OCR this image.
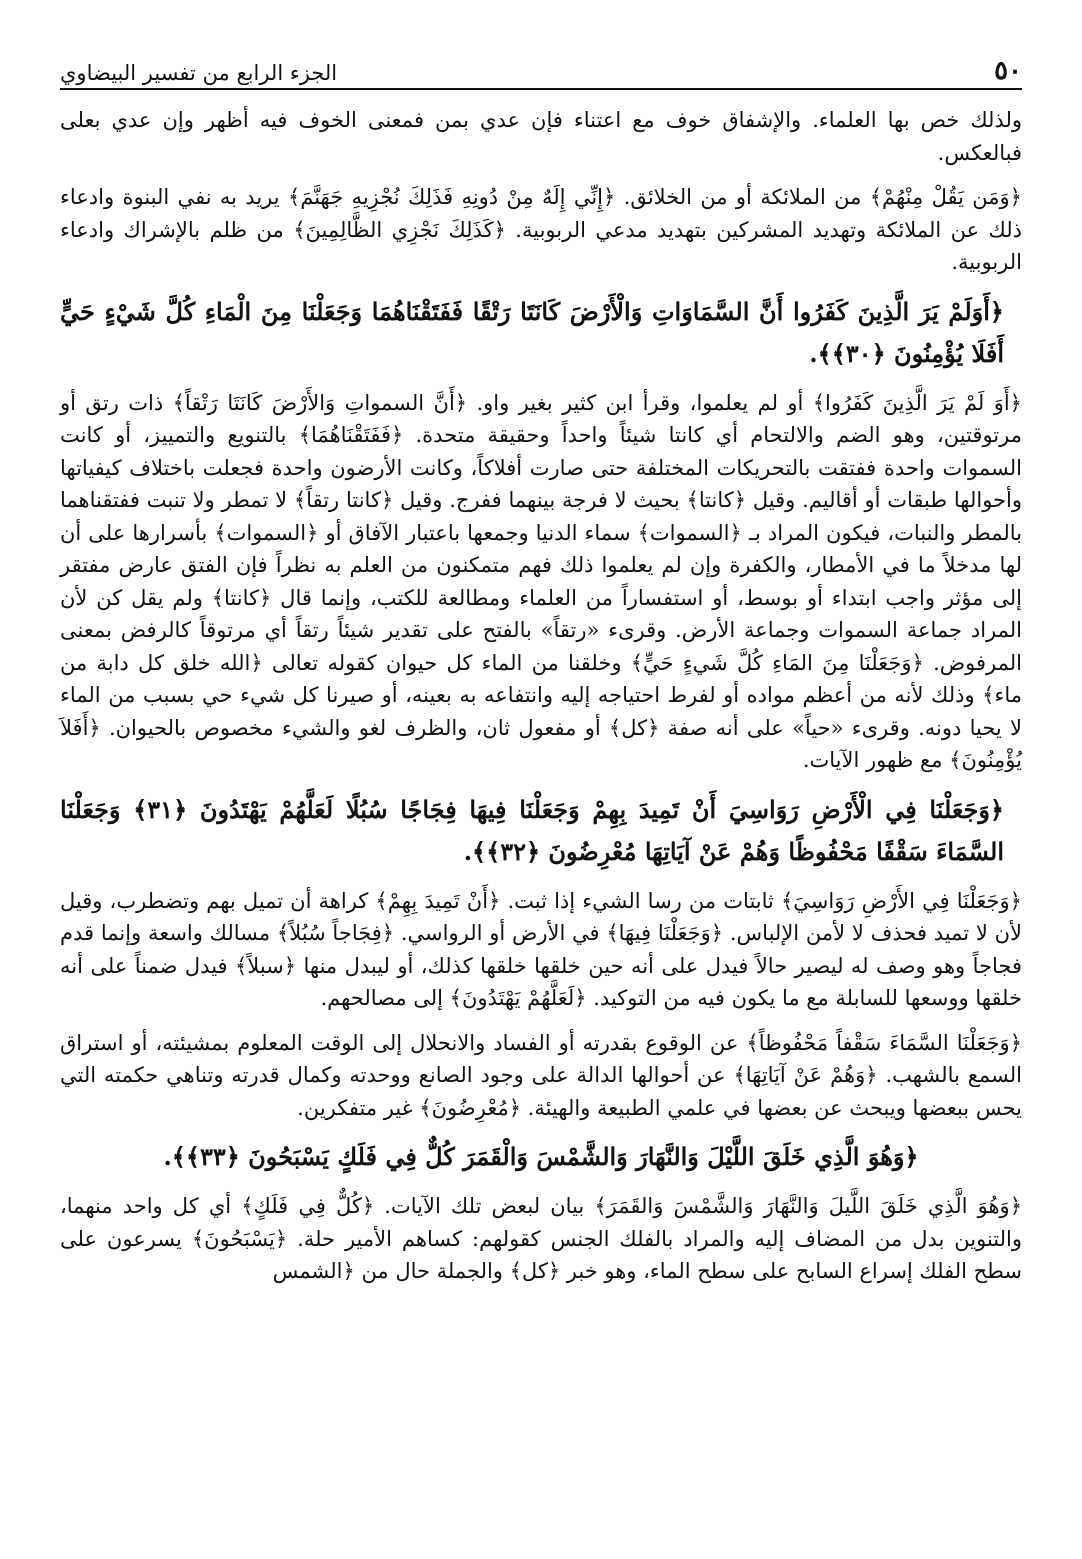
٥٠
الجزء الرابع من تفسير البيضاوي

ولذلك خص بها العلماء. والإشفاق خوف مع اعتناء فإن عدي بمن فمعنى الخوف فيه أظهر وإن عدي بعلى فبالعكس.

﴿وَمَن يَقُلْ مِنْهُمْ﴾ من الملائكة أو من الخلائق. ﴿إِنِّي إِلَهٌ مِنْ دُونِهِ فَذَلِكَ نُجْزِيهِ جَهَنَّمَ﴾ يريد به نفي البنوة وادعاء ذلك عن الملائكة وتهديد المشركين بتهديد مدعي الربوبية. ﴿كَذَلِكَ نَجْزِي الظَّالِمِينَ﴾ من ظلم بالإشراك وادعاء الربوبية.

﴿أَوَلَمْ يَرَ الَّذِينَ كَفَرُوا أَنَّ السَّمَاوَاتِ وَالْأَرْضَ كَانَتَا رَتْقًا فَفَتَقْنَاهُمَا وَجَعَلْنَا مِنَ الْمَاءِ كُلَّ شَيْءٍ حَيٍّ أَفَلَا يُؤْمِنُونَ ﴿٣٠﴾﴾.

﴿أَوَ لَمْ يَرَ الَّذِينَ كَفَرُوا﴾ أو لم يعلموا، وقرأ ابن كثير بغير واو. ﴿أَنَّ السمواتِ وَالأَرْضَ كَانَتَا رَتْقاً﴾ ذات رتق أو مرتوقتين، وهو الضم والالتحام أي كانتا شيئاً واحداً وحقيقة متحدة. ﴿فَفَتَقْنَاهُمَا﴾ بالتنويع والتمييز، أو كانت السموات واحدة ففتقت بالتحريكات المختلفة حتى صارت أفلاكاً، وكانت الأرضون واحدة فجعلت باختلاف كيفياتها وأحوالها طبقات أو أقاليم. وقيل ﴿كانتا﴾ بحيث لا فرجة بينهما ففرج. وقيل ﴿كانتا رتقاً﴾ لا تمطر ولا تنبت ففتقناهما بالمطر والنبات، فيكون المراد بـ ﴿السموات﴾ سماء الدنيا وجمعها باعتبار الآفاق أو ﴿السموات﴾ بأسرارها على أن لها مدخلاً ما في الأمطار، والكفرة وإن لم يعلموا ذلك فهم متمكنون من العلم به نظراً فإن الفتق عارض مفتقر إلى مؤثر واجب ابتداء أو بوسط، أو استفساراً من العلماء ومطالعة للكتب، وإنما قال ﴿كانتا﴾ ولم يقل كن لأن المراد جماعة السموات وجماعة الأرض. وقرىء «رتقاً» بالفتح على تقدير شيئاً رتقاً أي مرتوقاً كالرفض بمعنى المرفوض. ﴿وَجَعَلْنَا مِنَ المَاءِ كُلَّ شَيءٍ حَيٍّ﴾ وخلقنا من الماء كل حيوان كقوله تعالى ﴿الله خلق كل دابة من ماء﴾ وذلك لأنه من أعظم مواده أو لفرط احتياجه إليه وانتفاعه به بعينه، أو صيرنا كل شيء حي بسبب من الماء لا يحيا دونه. وقرىء «حياً» على أنه صفة ﴿كل﴾ أو مفعول ثان، والظرف لغو والشيء مخصوص بالحيوان. ﴿أَفَلاَ يُؤْمِنُونَ﴾ مع ظهور الآيات.

﴿وَجَعَلْنَا فِي الْأَرْضِ رَوَاسِيَ أَنْ تَمِيدَ بِهِمْ وَجَعَلْنَا فِيهَا فِجَاجًا سُبُلًا لَعَلَّهُمْ يَهْتَدُونَ ﴿٣١﴾ وَجَعَلْنَا السَّمَاءَ سَقْفًا مَحْفُوظًا وَهُمْ عَنْ آيَاتِهَا مُعْرِضُونَ ﴿٣٢﴾﴾.

﴿وَجَعَلْنَا فِي الأَرْضِ رَوَاسِيَ﴾ ثابتات من رسا الشيء إذا ثبت. ﴿أَنْ تَمِيدَ بِهِمْ﴾ كراهة أن تميل بهم وتضطرب، وقيل لأن لا تميد فحذف لا لأمن الإلباس. ﴿وَجَعَلْنَا فِيهَا﴾ في الأرض أو الرواسي. ﴿فِجَاجاً سُبُلاً﴾ مسالك واسعة وإنما قدم فجاجاً وهو وصف له ليصير حالاً فيدل على أنه حين خلقها خلقها كذلك، أو ليبدل منها ﴿سبلاً﴾ فيدل ضمناً على أنه خلقها ووسعها للسابلة مع ما يكون فيه من التوكيد. ﴿لَعَلَّهُمْ يَهْتَدُونَ﴾ إلى مصالحهم.

﴿وَجَعَلْنَا السَّمَاءَ سَقْفاً مَحْفُوظاً﴾ عن الوقوع بقدرته أو الفساد والانحلال إلى الوقت المعلوم بمشيئته، أو استراق السمع بالشهب. ﴿وَهُمْ عَنْ آيَاتِهَا﴾ عن أحوالها الدالة على وجود الصانع ووحدته وكمال قدرته وتناهي حكمته التي يحس ببعضها ويبحث عن بعضها في علمي الطبيعة والهيئة. ﴿مُعْرِضُونَ﴾ غير متفكرين.

﴿وَهُوَ الَّذِي خَلَقَ اللَّيْلَ وَالنَّهَارَ وَالشَّمْسَ وَالْقَمَرَ كُلٌّ فِي فَلَكٍ يَسْبَحُونَ ﴿٣٣﴾﴾.

﴿وَهُوَ الَّذِي خَلَقَ اللَّيلَ وَالنَّهَارَ وَالشَّمْسَ وَالقَمَرَ﴾ بيان لبعض تلك الآيات. ﴿كُلٌّ فِي فَلَكٍ﴾ أي كل واحد منهما، والتنوين بدل من المضاف إليه والمراد بالفلك الجنس كقولهم: كساهم الأمير حلة. ﴿يَسْبَحُونَ﴾ يسرعون على سطح الفلك إسراع السابح على سطح الماء، وهو خبر ﴿كل﴾ والجملة حال من ﴿الشمس
